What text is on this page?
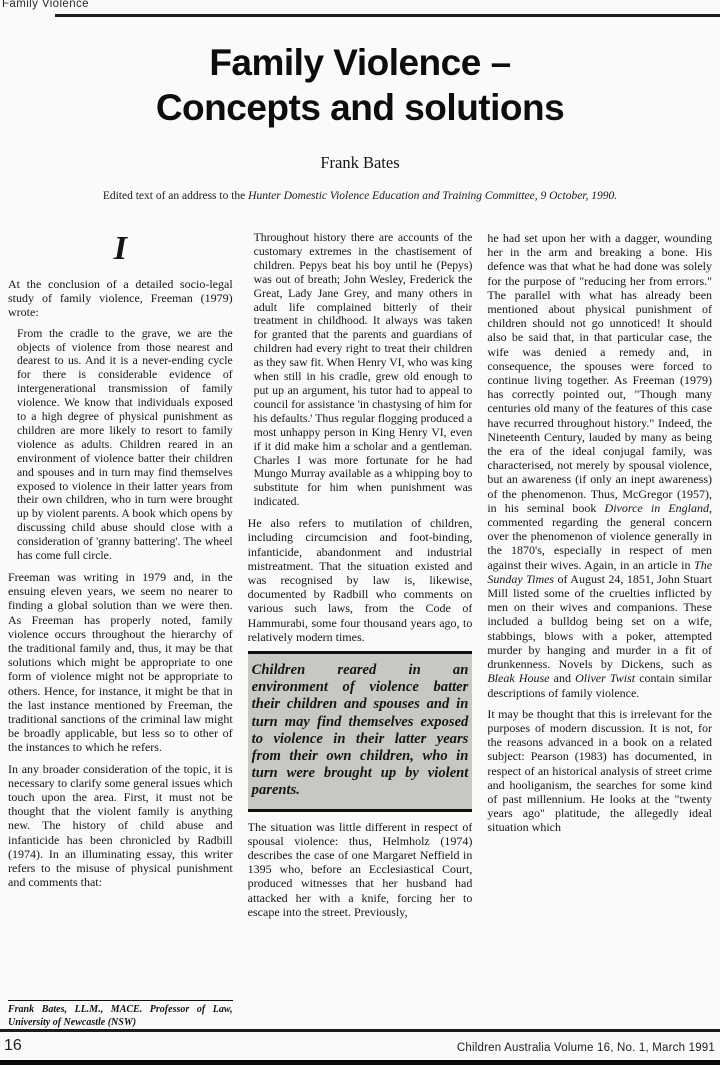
Family Violence
Family Violence –
Concepts and solutions
Frank Bates
Edited text of an address to the Hunter Domestic Violence Education and Training Committee, 9 October, 1990.
I

At the conclusion of a detailed socio-legal study of family violence, Freeman (1979) wrote:

From the cradle to the grave, we are the objects of violence from those nearest and dearest to us. And it is a never-ending cycle for there is considerable evidence of intergenerational transmission of family violence. We know that individuals exposed to a high degree of physical punishment as children are more likely to resort to family violence as adults. Children reared in an environment of violence batter their children and spouses and in turn may find themselves exposed to violence in their latter years from their own children, who in turn were brought up by violent parents. A book which opens by discussing child abuse should close with a consideration of 'granny battering'. The wheel has come full circle.

Freeman was writing in 1979 and, in the ensuing eleven years, we seem no nearer to finding a global solution than we were then. As Freeman has properly noted, family violence occurs throughout the hierarchy of the traditional family and, thus, it may be that solutions which might be appropriate to one form of violence might not be appropriate to others. Hence, for instance, it might be that in the last instance mentioned by Freeman, the traditional sanctions of the criminal law might be broadly applicable, but less so to other of the instances to which he refers.

In any broader consideration of the topic, it is necessary to clarify some general issues which touch upon the area. First, it must not be thought that the violent family is anything new. The history of child abuse and infanticide has been chronicled by Radbill (1974). In an illuminating essay, this writer refers to the misuse of physical punishment and comments that:

Frank Bates, LL.M., MACE. Professor of Law, University of Newcastle (NSW)
Throughout history there are accounts of the customary extremes in the chastisement of children. Pepys beat his boy until he (Pepys) was out of breath; John Wesley, Frederick the Great, Lady Jane Grey, and many others in adult life complained bitterly of their treatment in childhood. It always was taken for granted that the parents and guardians of children had every right to treat their children as they saw fit. When Henry VI, who was king when still in his cradle, grew old enough to put up an argument, his tutor had to appeal to council for assistance 'in chastysing of him for his defaults.' Thus regular flogging produced a most unhappy person in King Henry VI, even if it did make him a scholar and a gentleman. Charles I was more fortunate for he had Mungo Murray available as a whipping boy to substitute for him when punishment was indicated.

He also refers to mutilation of children, including circumcision and foot-binding, infanticide, abandonment and industrial mistreatment. That the situation existed and was recognised by law is, likewise, documented by Radbill who comments on various such laws, from the Code of Hammurabi, some four thousand years ago, to relatively modern times.

Children reared in an environment of violence batter their children and spouses and in turn may find themselves exposed to violence in their latter years from their own children, who in turn were brought up by violent parents.

The situation was little different in respect of spousal violence: thus, Helmholz (1974) describes the case of one Margaret Neffield in 1395 who, before an Ecclesiastical Court, produced witnesses that her husband had attacked her with a knife, forcing her to escape into the street. Previously,

he had set upon her with a dagger, wounding her in the arm and breaking a bone. His defence was that what he had done was solely for the purpose of "reducing her from errors." The parallel with what has already been mentioned about physical punishment of children should not go unnoticed! It should also be said that, in that particular case, the wife was denied a remedy and, in consequence, the spouses were forced to continue living together. As Freeman (1979) has correctly pointed out, "Though many centuries old many of the features of this case have recurred throughout history." Indeed, the Nineteenth Century, lauded by many as being the era of the ideal conjugal family, was characterised, not merely by spousal violence, but an awareness (if only an inept awareness) of the phenomenon. Thus, McGregor (1957), in his seminal book Divorce in England, commented regarding the general concern over the phenomenon of violence generally in the 1870's, especially in respect of men against their wives. Again, in an article in The Sunday Times of August 24, 1851, John Stuart Mill listed some of the cruelties inflicted by men on their wives and companions. These included a bulldog being set on a wife, stabbings, blows with a poker, attempted murder by hanging and murder in a fit of drunkenness. Novels by Dickens, such as Bleak House and Oliver Twist contain similar descriptions of family violence.

It may be thought that this is irrelevant for the purposes of modern discussion. It is not, for the reasons advanced in a book on a related subject: Pearson (1983) has documented, in respect of an historical analysis of street crime and hooliganism, the searches for some kind of past millennium. He looks at the "twenty years ago" platitude, the allegedly ideal situation which

16	Children Australia Volume 16, No. 1, March 1991
